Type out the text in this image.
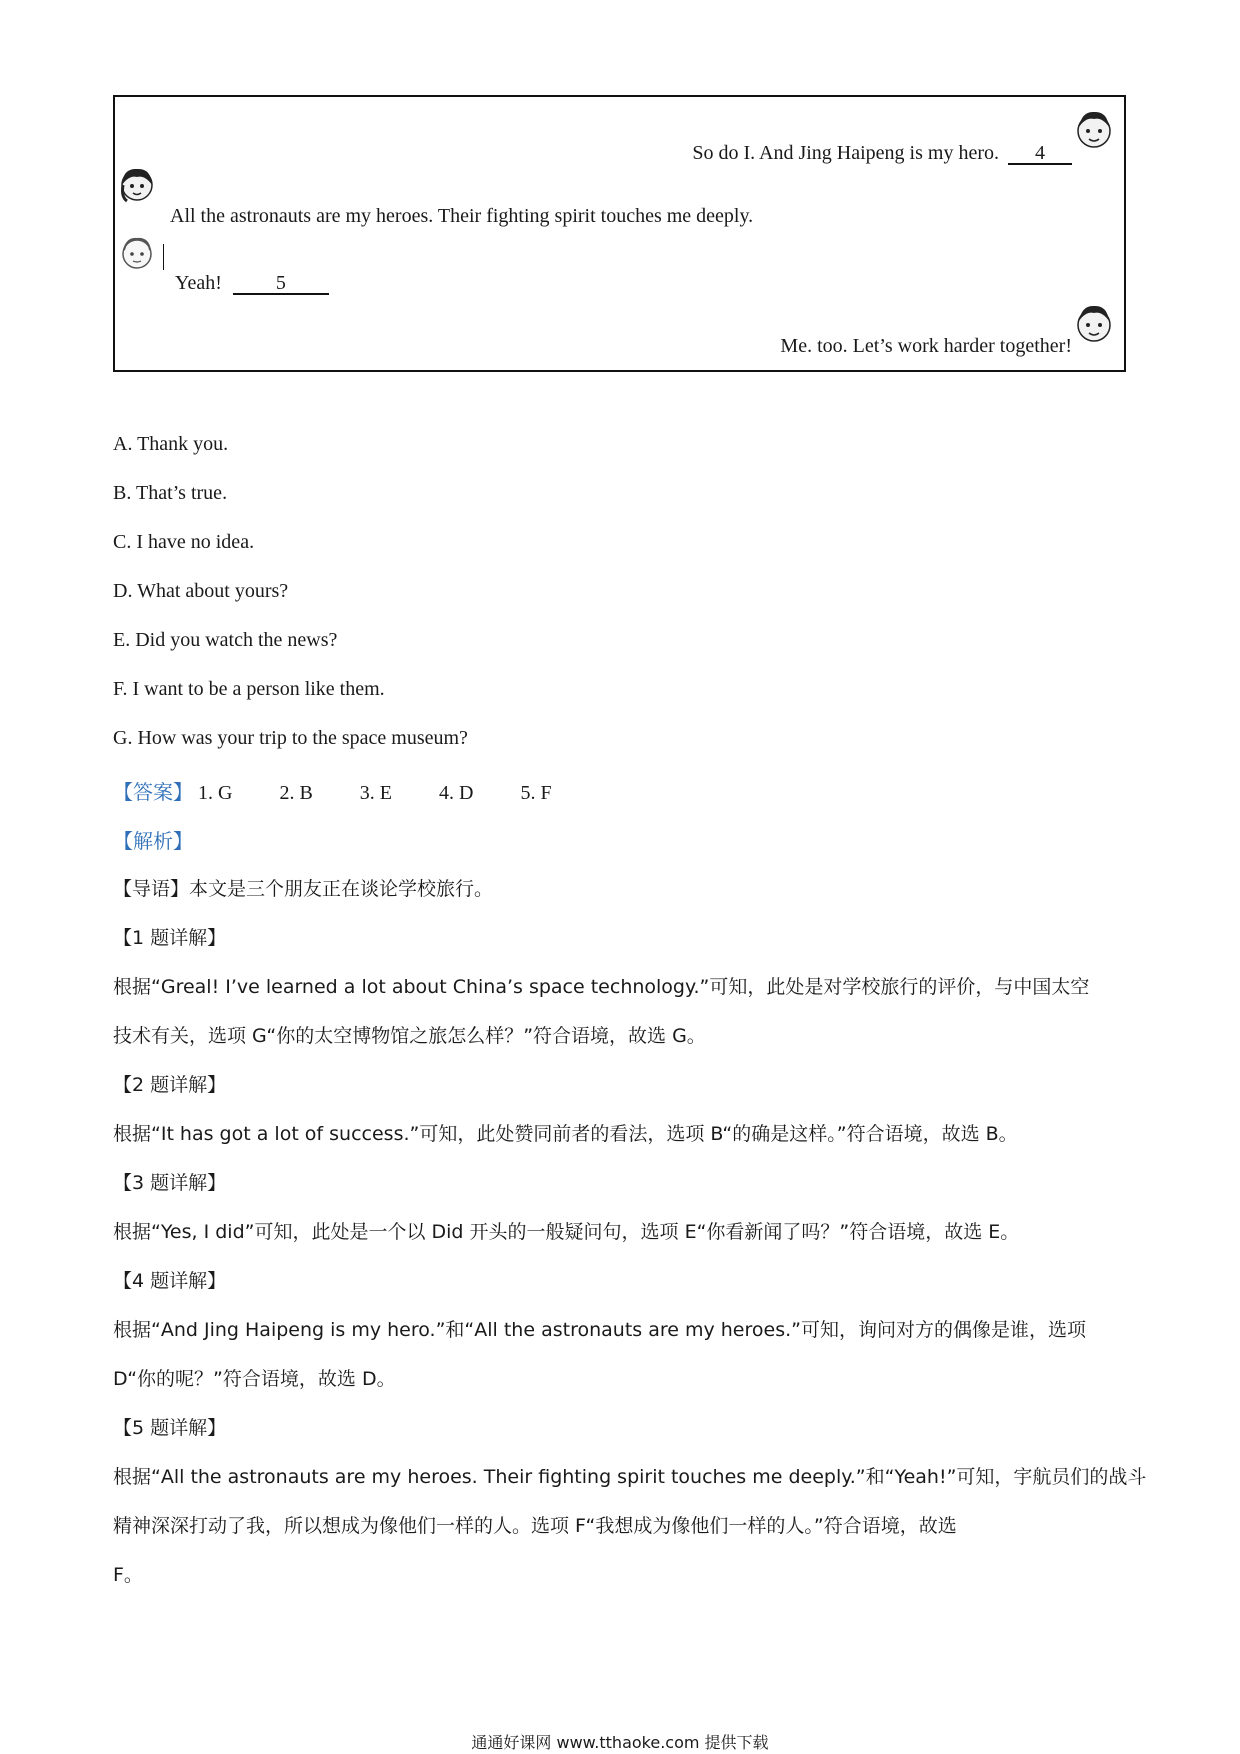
So do I. And Jing Haipeng is my hero. 4
All the astronauts are my heroes. Their fighting spirit touches me deeply.
Yeah!	5
Me. too. Let’s work harder together!
A. Thank you.
B. That’s true.
C. I have no idea.
D. What about yours?
E. Did you watch the news?
F. I want to be a person like them.
G. How was your trip to the space museum?
【答案】 1. G 2. B 3. E 4. D 5. F
【解析】
【导语】本文是三个朋友正在谈论学校旅行。
【1 题详解】
根据“Greal! I’ve learned a lot about China’s space technology.”可知，此处是对学校旅行的评价，与中国太空
技术有关，选项 G“你的太空博物馆之旅怎么样？”符合语境，故选 G。
【2 题详解】
根据“It has got a lot of success.”可知，此处赞同前者的看法，选项 B“的确是这样。”符合语境，故选 B。
【3 题详解】
根据“Yes, I did”可知，此处是一个以 Did 开头的一般疑问句，选项 E“你看新闻了吗？”符合语境，故选 E。
【4 题详解】
根据“And Jing Haipeng is my hero.”和“All the astronauts are my heroes.”可知，询问对方的偶像是谁，选项
D“你的呢？”符合语境，故选 D。
【5 题详解】
根据“All the astronauts are my heroes. Their fighting spirit touches me deeply.”和“Yeah!”可知，宇航员们的战斗
精神深深打动了我，所以想成为像他们一样的人。选项 F“我想成为像他们一样的人。”符合语境，故选
F。
通通好课网 www.tthaoke.com 提供下载
